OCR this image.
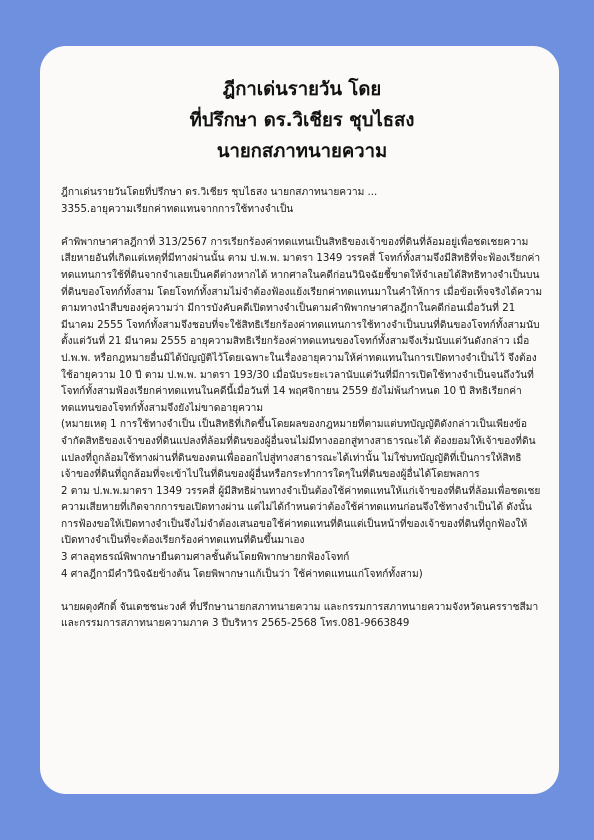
ฎีกาเด่นรายวัน โดย
ที่ปรึกษา ดร.วิเชียร ชุบไธสง
นายกสภาทนายความ

ฎีกาเด่นรายวันโดยที่ปรึกษา ดร.วิเชียร ชุบไธสง นายกสภาทนายความ ...

3355.อายุความเรียกค่าทดแทนจากการใช้ทางจำเป็น

คำพิพากษาศาลฎีกาที่ 313/2567 การเรียกร้องค่าทดแทนเป็นสิทธิของเจ้าของที่ดินที่ล้อมอยู่เพื่อชดเชยความเสียหายอันที่เกิดแต่เหตุที่มีทางผ่านนั้น ตาม ป.พ.พ. มาตรา 1349 วรรคสี่ โจทก์ทั้งสามจึงมีสิทธิที่จะฟ้องเรียกค่าทดแทนการใช้ที่ดินจากจำเลยเป็นคดีต่างหากได้ หากศาลในคดีก่อนวินิจฉัยชี้ขาดให้จำเลยได้สิทธิทางจำเป็นบนที่ดินของโจทก์ทั้งสาม โดยโจทก์ทั้งสามไม่จำต้องฟ้องแย้งเรียกค่าทดแทนมาในคำให้การ เมื่อข้อเท็จจริงได้ความตามทางนำสืบของคู่ความว่า มีการบังคับคดีเปิดทางจำเป็นตามคำพิพากษาศาลฎีกาในคดีก่อนเมื่อวันที่ 21 มีนาคม 2555 โจทก์ทั้งสามจึงชอบที่จะใช้สิทธิเรียกร้องค่าทดแทนการใช้ทางจำเป็นบนที่ดินของโจทก์ทั้งสามนับตั้งแต่วันที่ 21 มีนาคม 2555 อายุความสิทธิเรียกร้องค่าทดแทนของโจทก์ทั้งสามจึงเริ่มนับแต่วันดังกล่าว เมื่อ ป.พ.พ. หรือกฎหมายอื่นมิได้บัญญัติไว้โดยเฉพาะในเรื่องอายุความให้ค่าทดแทนในการเปิดทางจำเป็นไว้ จึงต้องใช้อายุความ 10 ปี ตาม ป.พ.พ. มาตรา 193/30 เมื่อนับระยะเวลานับแต่วันที่มีการเปิดใช้ทางจำเป็นจนถึงวันที่โจทก์ทั้งสามฟ้องเรียกค่าทดแทนในคดีนี้เมื่อวันที่ 14 พฤศจิกายน 2559 ยังไม่พ้นกำหนด 10 ปี สิทธิเรียกค่าทดแทนของโจทก์ทั้งสามจึงยังไม่ขาดอายุความ

(หมายเหตุ 1 การใช้ทางจำเป็น เป็นสิทธิที่เกิดขึ้นโดยผลของกฎหมายที่ตามแต่บทบัญญัติดังกล่าวเป็นเพียงข้อจำกัดสิทธิของเจ้าของที่ดินแปลงที่ล้อมที่ดินของผู้อื่นจนไม่มีทางออกสู่ทางสาธารณะได้ ต้องยอมให้เจ้าของที่ดินแปลงที่ถูกล้อมใช้ทางผ่านที่ดินของตนเพื่อออกไปสู่ทางสาธารณะได้เท่านั้น ไม่ใช่บทบัญญัติที่เป็นการให้สิทธิเจ้าของที่ดินที่ถูกล้อมที่จะเข้าไปในที่ดินของผู้อื่นหรือกระทำการใดๆในที่ดินของผู้อื่นได้โดยพลการ

2 ตาม ป.พ.พ.มาตรา 1349 วรรคสี่ ผู้มีสิทธิผ่านทางจำเป็นต้องใช้ค่าทดแทนให้แก่เจ้าของที่ดินที่ล้อมเพื่อชดเชยความเสียหายที่เกิดจากการขอเปิดทางผ่าน แต่ไม่ได้กำหนดว่าต้องใช้ค่าทดแทนก่อนจึงใช้ทางจำเป็นได้ ดังนั้น การฟ้องขอให้เปิดทางจำเป็นจึงไม่จำต้องเสนอขอใช้ค่าทดแทนที่ดินแต่เป็นหน้าที่ของเจ้าของที่ดินที่ถูกฟ้องให้เปิดทางจำเป็นที่จะต้องเรียกร้องค่าทดแทนที่ดินขึ้นมาเอง

3 ศาลอุทธรณ์พิพากษายืนตามศาลชั้นต้นโดยพิพากษายกฟ้องโจทก์

4 ศาลฎีกามีคำวินิจฉัยข้างต้น โดยพิพากษาแก้เป็นว่า ใช้ค่าทดแทนแก่โจทก์ทั้งสาม)

นายผดุงศักดิ์ จันเดชชนะวงศ์ ที่ปรึกษานายกสภาทนายความ และกรรมการสภาทนายความจังหวัดนครราชสีมา และกรรมการสภาทนายความภาค 3 ปีบริหาร 2565-2568 โทร.081-9663849
